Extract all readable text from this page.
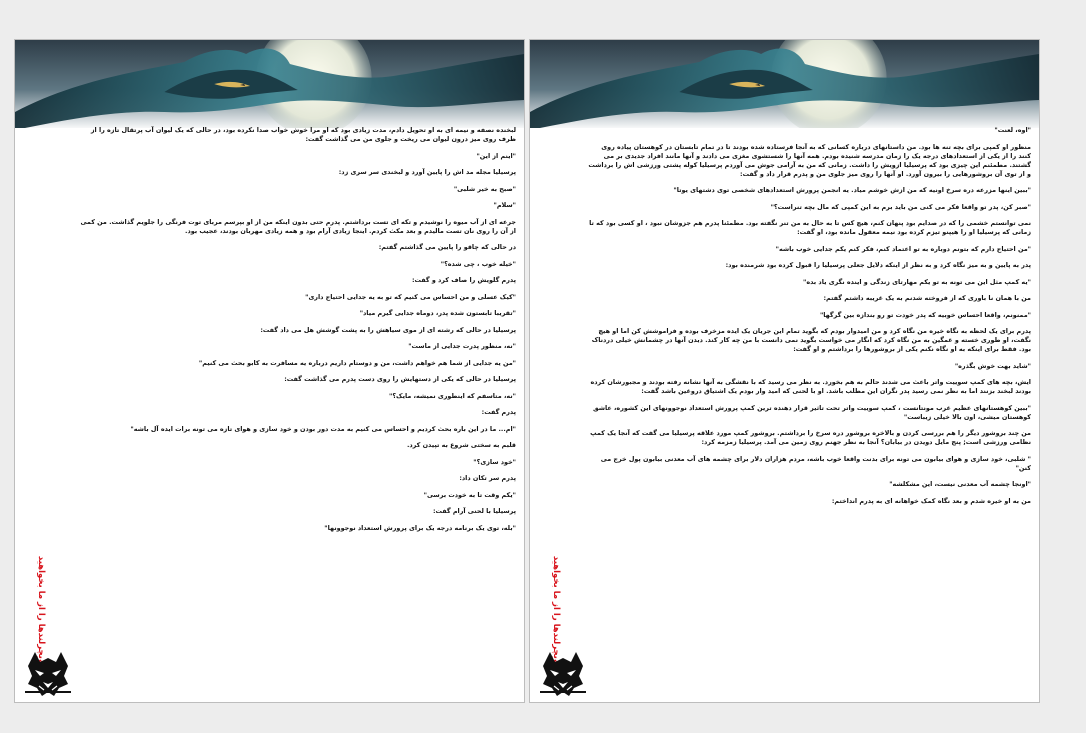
لبخنده نصفه و نیمه ای به او تحویل دادم، مدت زیادی بود که او مرا خوش خواب صدا نکرده بود، در حالی که یک لیوان آب پرتقال تازه را از ظرف روی میز درون لیوان می ریخت و جلوی من می گذاشت گفت:

"اینم از این"

پرسیلیا مجله مد اش را پایین آورد و لبخندی سر سری زد:

"صبح به خیر شلبی"

"سلام"

جرعه ای از آب میوه را نوشیدم و تکه ای تست برداشتم. پدرم حتی بدون اینکه من از او بپرسم مربای توت فرنگی را جلویم گذاشت. من کمی از آن را روی نان تست مالیدم و بعد مکث کردم. اینجا زیادی آرام بود و همه زیادی مهربان بودند، عجیب بود.

در حالی که چاقو را پایین می گذاشتم گفتم:

"خیله خوب ، چی شده؟"

پدرم گلویش را صاف کرد و گفت:

"کیک عسلی و من احساس می کنیم که تو به یه جدایی احتیاج داری"

"تقریبا تابستون شده پدر، دوماه جدایی گیرم میاد"

پرسیلیا در حالی که رشته ای از موی سیاهش را به پشت گوشش هل می داد گفت:

"نه، منظور پدرت جدایی از ماست"

"من یه جدایی از شما هم خواهم داشت، من و دوستام داریم درباره یه مسافرت به کابو بحث می کنیم"

پرسیلیا در حالی که یکی از دستهایش را روی دست پدرم می گذاشت گفت:

"نه، متاسفم که اینطوری نمیشه، مایک؟"

پدرم گفت:

"ام... ما در این باره بحث کردیم و احساس می کنیم به مدت دور بودن و خود سازی و هوای تازه می تونه برات ایده آل باشه"

قلبم به سختی شروع به تپیدن کرد.

"خود سازی؟"

پدرم سر تکان داد:

"یکم وقت تا به خودت برسی"

پرسیلیا با لحنی آرام گفت:

"بله، توی یک برنامه درجه یک برای پرورش استعداد نوجوونها"

ویچرلندها را از ما بخواهید

"اوه، لعنت"

منظور او کمپی برای بچه تنه ها بود. من داستانهای درباره کسانی که به آنجا فرستاده شده بودند تا در تمام تابستان در کوهستان پیاده روی کنند را از یکی از استعدادهای درجه یک را زمان مدرسه شنیده بودم. همه آنها را شستشوی مغزی می دادند و آنها مانند افراد جدیدی بر می گشتند. مطمئنم این چیزی بود که پرسیلیا ازویش را داشت. زمانی که من به آرامی جوش می آوردم پرسیلیا کوله پشتی ورزشی اش را برداشت و از توی آن بروشورهایی را بیرون آورد. او آنها را روی میز جلوی من و پدرم قرار داد و گفت:

"ببین اینها مزرعه دره سرخ اونیه که من ازش خوشم میاد. یه انجمن پرورش استعدادهای شخصی توی دشتهای یوتا"

"صبر کن، پدر تو واقعا فکر می کنی من باید برم به این کمپی که مال بچه تنراست؟"

نمی توانستم خشمی را که در صدایم بود پنهان کنم، هیچ کس تا به حال به من تنر نگفته بود. مطمئنا پدرم هم جزوشان نبود ، او کسی بود که تا زمانی که پرسیلیا او را هیپنو تیزم کرده بود نیمه معقول مانده بود، او گفت:

"من احتیاج دارم که بتونم دوباره به تو اعتماد کنم، فکر کنم یکم جدایی خوب باشه"

پدر به پایین و به میز نگاه کرد و به نظر از اینکه دلایل جعلی پرسیلیا را قبول کرده بود شرمنده بود:

"یه کمپ مثل این می تونه به تو یکم مهارتای زندگی و اینده نگری یاد بده"

من با همان نا باوری که از فروخته شدنم به یک غریبه داشتم گفتم:

"ممنونم، واقعا احساس خوبیه که پدر خودت تو رو بندازه بین گرگها"

پدرم برای یک لحظه به نگاه خیره من نگاه کرد و من امیدوار بودم که بگوید تمام این جریان یک ایده مزخرف بوده و فراموشش کن اما او هیچ نگفت، او طوری خسته و غمگین به من نگاه کرد که انگار می خواست بگوید نمی دانست با من چه کار کند. دیدن آنها در چشمانش خیلی دردناک بود. فقط برای اینکه به او نگاه نکنم یکی از بروشورها را برداشتم و او گفت:

"شاید بهت خوش بگذره"

ایش، بچه های کمپ سوییت واتر باعث می شدند حالم به هم بخورد. به نظر می رسید که با نقشگی به آنها نشانه رفته بودند و مجبورشان کرده بودند لبخند بزنند اما به نظر نمی رسید پدر نگران این مطلب باشد. او با لحنی که امید وار بودم یک اشتیاق دروغین باشد گفت:

"ببین کوهستانهای عظیم غرب مونتانست ، کمپ سوییت واتر تحت تاثیر قرار دهنده ترین کمپ پرورش استعداد نوجوونهای این کشوره، عاشق کوهستان میشی، اون بالا خیلی زیباست"

من چند بروشور دیگر را هم بررسی کردن و بالاخره بروشور دره سرخ را برداشتم. بروشور کمپ مورد علاقه پرسیلیا می گفت که آنجا یک کمپ نظامی ورزشی است; پنج مایل دویدن در بیابان؟ آنجا به نظر جهنم روی زمین می آمد. پرسیلیا زمزمه کرد:

" شلبی، خود سازی و هوای بیابون می تونه برای بدنت واقعا خوب باشه، مردم هزاران دلار برای چشمه های آب معدنی بیابون پول خرج می کنن"

"اونجا چشمه آب معدنی نیست، این مشکلشه"

من به او خیره شدم و بعد نگاه کمک خواهانه ای به پدرم انداختم:

ویچرلندها را از ما بخواهید
